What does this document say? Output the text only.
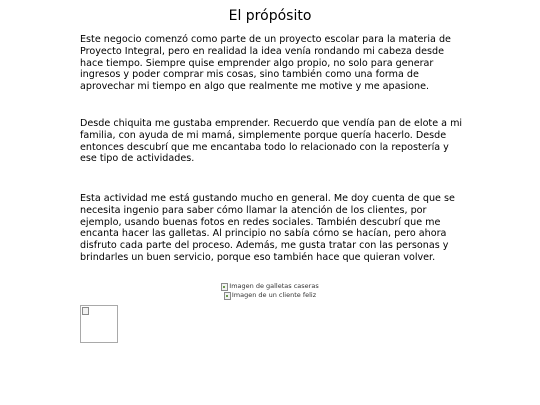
El própósito

Este negocio comenzó como parte de un proyecto escolar para la materia de Proyecto Integral, pero en realidad la idea venía rondando mi cabeza desde hace tiempo. Siempre quise emprender algo propio, no solo para generar ingresos y poder comprar mis cosas, sino también como una forma de aprovechar mi tiempo en algo que realmente me motive y me apasione.

Desde chiquita me gustaba emprender. Recuerdo que vendía pan de elote a mi familia, con ayuda de mi mamá, simplemente porque quería hacerlo. Desde entonces descubrí que me encantaba todo lo relacionado con la repostería y ese tipo de actividades.

Esta actividad me está gustando mucho en general. Me doy cuenta de que se necesita ingenio para saber cómo llamar la atención de los clientes, por ejemplo, usando buenas fotos en redes sociales. También descubrí que me encanta hacer las galletas. Al principio no sabía cómo se hacían, pero ahora disfruto cada parte del proceso. Además, me gusta tratar con las personas y brindarles un buen servicio, porque eso también hace que quieran volver.

Imagen de galletas caseras
Imagen de un cliente feliz
